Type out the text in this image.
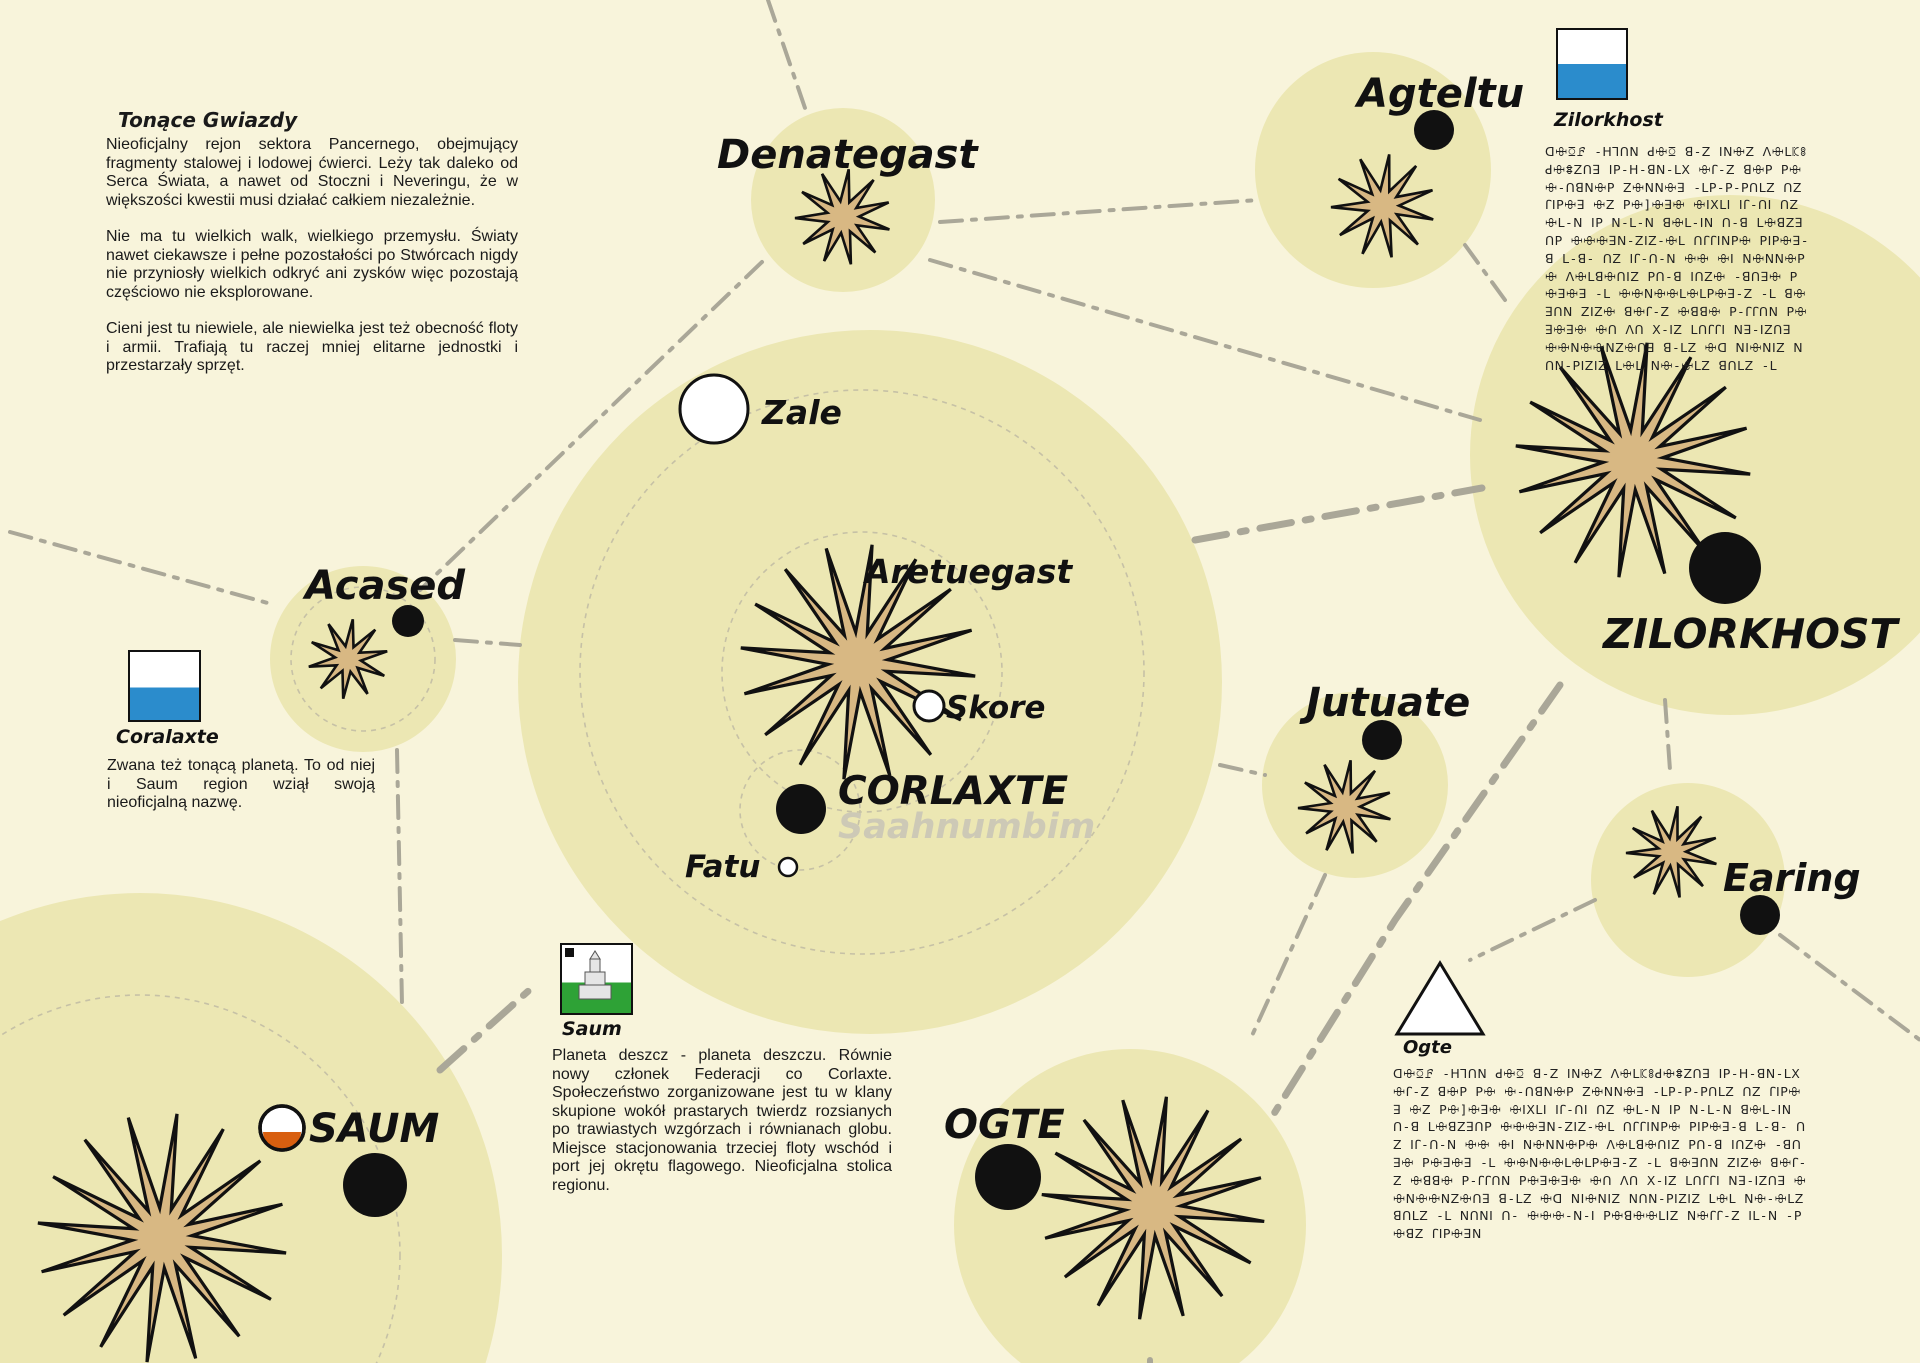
Denategast
Agteltu
Acased	Aretuegast
ZILORKHOST
Jutuate
Earing
SAUM	OGTE
Zale
Skore
CORLAXTE
Saahnumbim
Fatu
Tonące Gwiazdy

Nieoficjalny rejon sektora Pancernego, obejmujący fragmenty stalowej i lodowej ćwierci. Leży tak daleko od Serca Świata, a nawet od Stoczni i Neveringu, że w większości kwestii musi działać całkiem niezależnie.

Nie ma tu wielkich walk, wielkiego przemysłu. Światy nawet ciekawsze i pełne pozostałości po Stwórcach nigdy nie przyniosły wielkich odkryć ani zysków więc pozostają częściowo nie eksplorowane.

Cieni jest tu niewiele, ale niewielka jest też obecność floty i armii. Trafiają tu raczej mniej elitarne jednostki i przestarzały sprzęt.

Coralaxte

Zwana też tonącą planetą. To od niej i Saum region wziął swoją nieoficjalną nazwę.

Saum

Planeta deszcz - planeta deszczu. Równie nowy członek Federacji co Corlaxte. Społeczeństwo zorganizowane jest tu w klany skupione wokół prastarych twierdz rozsianych po trawiastych wzgórzach i równianach globu. Miejsce stacjonowania trzeciej floty wschód i port jej okrętu flagowego. Nieoficjalna stolica regionu.

Zilorkhost
ꓷꗳꗞꗓ -ꓧꓶꓵꓠ ꓒꗳꗞ ꓭ-ꓜ ꓲꓠꗳꓜ ꓥꗳꓡꗫꗚꓒꗳꗊꓜꓵꓱ ꓲꓑ-ꓧ-ꓭꓠ-ꓡꓫ ꗳꓩ-ꓜ ꓭꗳꓑ ꓑꗳ ꗳ-ꓵꓭꓠꗳꓑ ꓜꗳꓠꓠꗳꓱ -ꓡꓑ-ꓑ-ꓑꓵꓡꓜ ꓵꓜ ꓩꓲꓑꗳꓱ ꗳꓜ ꓑꗳ]ꗳꓱꗳ ꗳꓲꓫꓡꓲ ꓲꓩ-ꓵꓲ ꓵꓜ ꗳꓡ-ꓠ ꓲꓑ ꓠ-ꓡ-ꓠ ꓭꗳꓡ-ꓲꓠ ꓵ-ꓭ ꓡꗳꓭꓜꓱꓵꓑ ꗳꗳꗳꓱꓠ-ꓜꓲꓜ-ꗳꓡ ꓵꓩꓩꓲꓠꓑꗳ ꓑꓲꓑꗳꓱ-ꓭ ꓡ-ꓭ- ꓵꓜ ꓲꓩ-ꓵ-ꓠ ꗳꗳ ꗳꓲ ꓠꗳꓠꓠꗳꓑꗳ ꓥꗳꓡꓭꗳꓵꓲꓜ ꓑꓵ-ꓭ ꓲꓵꓜꗳ -ꓭꓵꓱꗳ ꓑꗳꓱꗳꓱ -ꓡ ꗳꗳꓠꗳꗳꓡꗳꓡꓑꗳꓱ-ꓜ -ꓡ ꓭꗳꓱꓵꓠ ꓜꓲꓜꗳ ꓭꗳꓩ-ꓜ ꗳꓭꓭꗳ ꓑ-ꓩꓩꓵꓠ ꓑꗳꓱꗳꓱꗳ ꗳꓵ ꓥꓵ ꓫ-ꓲꓜ ꓡꓵꓩꓩꓲ ꓠꓱ-ꓲꓜꓵꓱ ꗳꗳꓠꗳꗳꓠꓜꗳꓵꓱ ꓭ-ꓡꓜ ꗳꓷ ꓠꓲꗳꓠꓲꓜ ꓠꓵꓠ-ꓑꓲꓜꓲꓜ ꓡꗳꓡ ꓠꗳ-ꗳꓡꓜ ꓭꓵꓡꓜ -ꓡ
Ogte
ꓷꗳꗞꗓ -ꓧꓶꓵꓠ ꓒꗳꗞ ꓭ-ꓜ ꓲꓠꗳꓜ ꓥꗳꓡꗫꗚꓒꗳꗊꓜꓵꓱ ꓲꓑ-ꓧ-ꓭꓠ-ꓡꓫ ꗳꓩ-ꓜ ꓭꗳꓑ ꓑꗳ ꗳ-ꓵꓭꓠꗳꓑ ꓜꗳꓠꓠꗳꓱ -ꓡꓑ-ꓑ-ꓑꓵꓡꓜ ꓵꓜ ꓩꓲꓑꗳꓱ ꗳꓜ ꓑꗳ]ꗳꓱꗳ ꗳꓲꓫꓡꓲ ꓲꓩ-ꓵꓲ ꓵꓜ ꗳꓡ-ꓠ ꓲꓑ ꓠ-ꓡ-ꓠ ꓭꗳꓡ-ꓲꓠ ꓵ-ꓭ ꓡꗳꓭꓜꓱꓵꓑ ꗳꗳꗳꓱꓠ-ꓜꓲꓜ-ꗳꓡ ꓵꓩꓩꓲꓠꓑꗳ ꓑꓲꓑꗳꓱ-ꓭ ꓡ-ꓭ- ꓵꓜ ꓲꓩ-ꓵ-ꓠ ꗳꗳ ꗳꓲ ꓠꗳꓠꓠꗳꓑꗳ ꓥꗳꓡꓭꗳꓵꓲꓜ ꓑꓵ-ꓭ ꓲꓵꓜꗳ -ꓭꓵꓱꗳ ꓑꗳꓱꗳꓱ -ꓡ ꗳꗳꓠꗳꗳꓡꗳꓡꓑꗳꓱ-ꓜ -ꓡ ꓭꗳꓱꓵꓠ ꓜꓲꓜꗳ ꓭꗳꓩ-ꓜ ꗳꓭꓭꗳ ꓑ-ꓩꓩꓵꓠ ꓑꗳꓱꗳꓱꗳ ꗳꓵ ꓥꓵ ꓫ-ꓲꓜ ꓡꓵꓩꓩꓲ ꓠꓱ-ꓲꓜꓵꓱ ꗳꗳꓠꗳꗳꓠꓜꗳꓵꓱ ꓭ-ꓡꓜ ꗳꓷ ꓠꓲꗳꓠꓲꓜ ꓠꓵꓠ-ꓑꓲꓜꓲꓜ ꓡꗳꓡ ꓠꗳ-ꗳꓡꓜ ꓭꓵꓡꓜ -ꓡ ꓠꓵꓠꓲ ꓵ- ꗳꗳꗳ-ꓠ-ꓲ ꓑꗳꓭꗳꗳꓡꓲꓜ ꓠꗳꓩꓩ-ꓜ ꓲꓡ-ꓠ -ꓑ ꗳꓭꓜ ꓩꓲꓑꗳꓱꓠ
